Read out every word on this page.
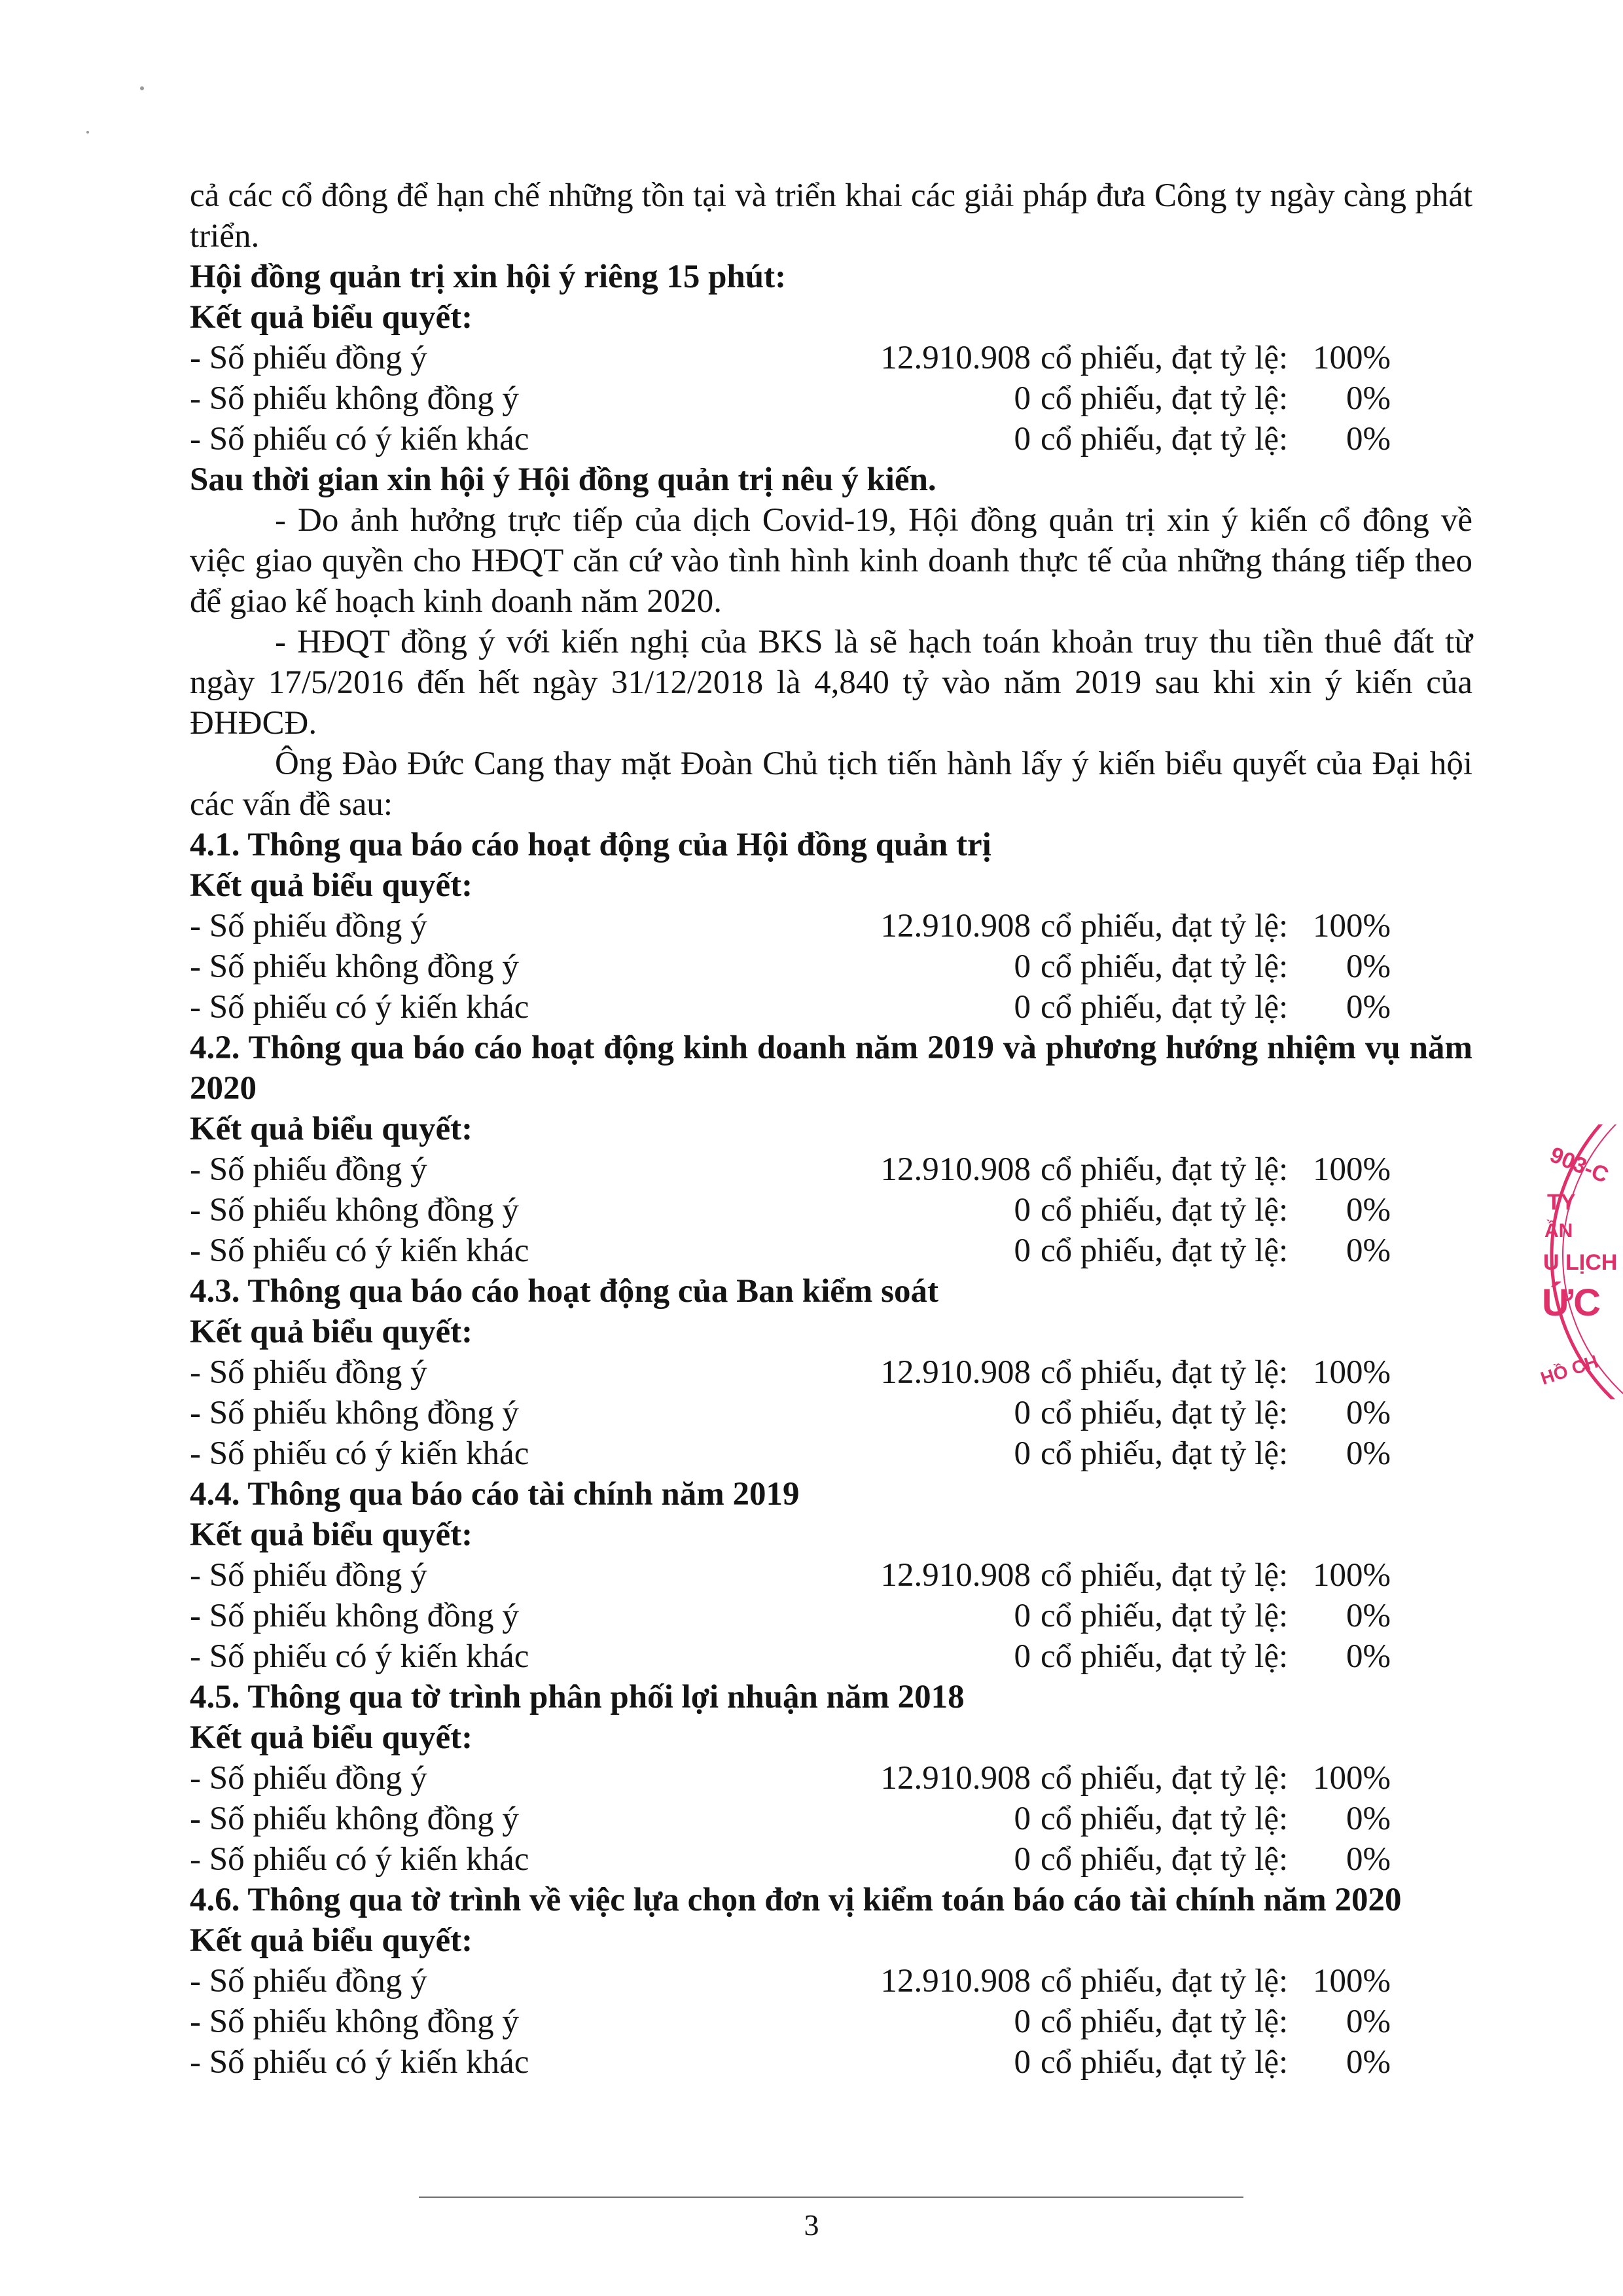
cả các cổ đông để hạn chế những tồn tại và triển khai các giải pháp đưa Công ty ngày càng phát triển.

Hội đồng quản trị xin hội ý riêng 15 phút:

Kết quả biểu quyết:

- Số phiếu đồng ý	12.910.908 cổ phiếu, đạt tỷ lệ: 100%
- Số phiếu không đồng ý	0 cổ phiếu, đạt tỷ lệ:	0%
- Số phiếu có ý kiến khác	0 cổ phiếu, đạt tỷ lệ:	0%

Sau thời gian xin hội ý Hội đồng quản trị nêu ý kiến.

- Do ảnh hưởng trực tiếp của dịch Covid-19, Hội đồng quản trị xin ý kiến cổ đông về việc giao quyền cho HĐQT căn cứ vào tình hình kinh doanh thực tế của những tháng tiếp theo để giao kế hoạch kinh doanh năm 2020.

- HĐQT đồng ý với kiến nghị của BKS là sẽ hạch toán khoản truy thu tiền thuê đất từ ngày 17/5/2016 đến hết ngày 31/12/2018 là 4,840 tỷ vào năm 2019 sau khi xin ý kiến của ĐHĐCĐ.

Ông Đào Đức Cang thay mặt Đoàn Chủ tịch tiến hành lấy ý kiến biểu quyết của Đại hội các vấn đề sau:

4.1. Thông qua báo cáo hoạt động của Hội đồng quản trị

Kết quả biểu quyết:

- Số phiếu đồng ý	12.910.908 cổ phiếu, đạt tỷ lệ: 100%
- Số phiếu không đồng ý	0 cổ phiếu, đạt tỷ lệ:	0%
- Số phiếu có ý kiến khác	0 cổ phiếu, đạt tỷ lệ:	0%

4.2. Thông qua báo cáo hoạt động kinh doanh năm 2019 và phương hướng nhiệm vụ năm 2020

Kết quả biểu quyết:

- Số phiếu đồng ý	12.910.908 cổ phiếu, đạt tỷ lệ: 100%
- Số phiếu không đồng ý	0 cổ phiếu, đạt tỷ lệ:	0%
- Số phiếu có ý kiến khác	0 cổ phiếu, đạt tỷ lệ:	0%

4.3. Thông qua báo cáo hoạt động của Ban kiểm soát

Kết quả biểu quyết:

- Số phiếu đồng ý	12.910.908 cổ phiếu, đạt tỷ lệ: 100%
- Số phiếu không đồng ý	0 cổ phiếu, đạt tỷ lệ:	0%
- Số phiếu có ý kiến khác	0 cổ phiếu, đạt tỷ lệ:	0%

4.4. Thông qua báo cáo tài chính năm 2019

Kết quả biểu quyết:

- Số phiếu đồng ý	12.910.908 cổ phiếu, đạt tỷ lệ: 100%
- Số phiếu không đồng ý	0 cổ phiếu, đạt tỷ lệ:	0%
- Số phiếu có ý kiến khác	0 cổ phiếu, đạt tỷ lệ:	0%

4.5. Thông qua tờ trình phân phối lợi nhuận năm 2018

Kết quả biểu quyết:

- Số phiếu đồng ý	12.910.908 cổ phiếu, đạt tỷ lệ: 100%
- Số phiếu không đồng ý	0 cổ phiếu, đạt tỷ lệ:	0%
- Số phiếu có ý kiến khác	0 cổ phiếu, đạt tỷ lệ:	0%

4.6. Thông qua tờ trình về việc lựa chọn đơn vị kiểm toán báo cáo tài chính năm 2020

Kết quả biểu quyết:

- Số phiếu đồng ý	12.910.908 cổ phiếu, đạt tỷ lệ: 100%
- Số phiếu không đồng ý	0 cổ phiếu, đạt tỷ lệ:	0%
- Số phiếu có ý kiến khác	0 cổ phiếu, đạt tỷ lệ:	0%
3
903-C
TY
ẦN
U LỊCH
ỨC
HỒ CH
